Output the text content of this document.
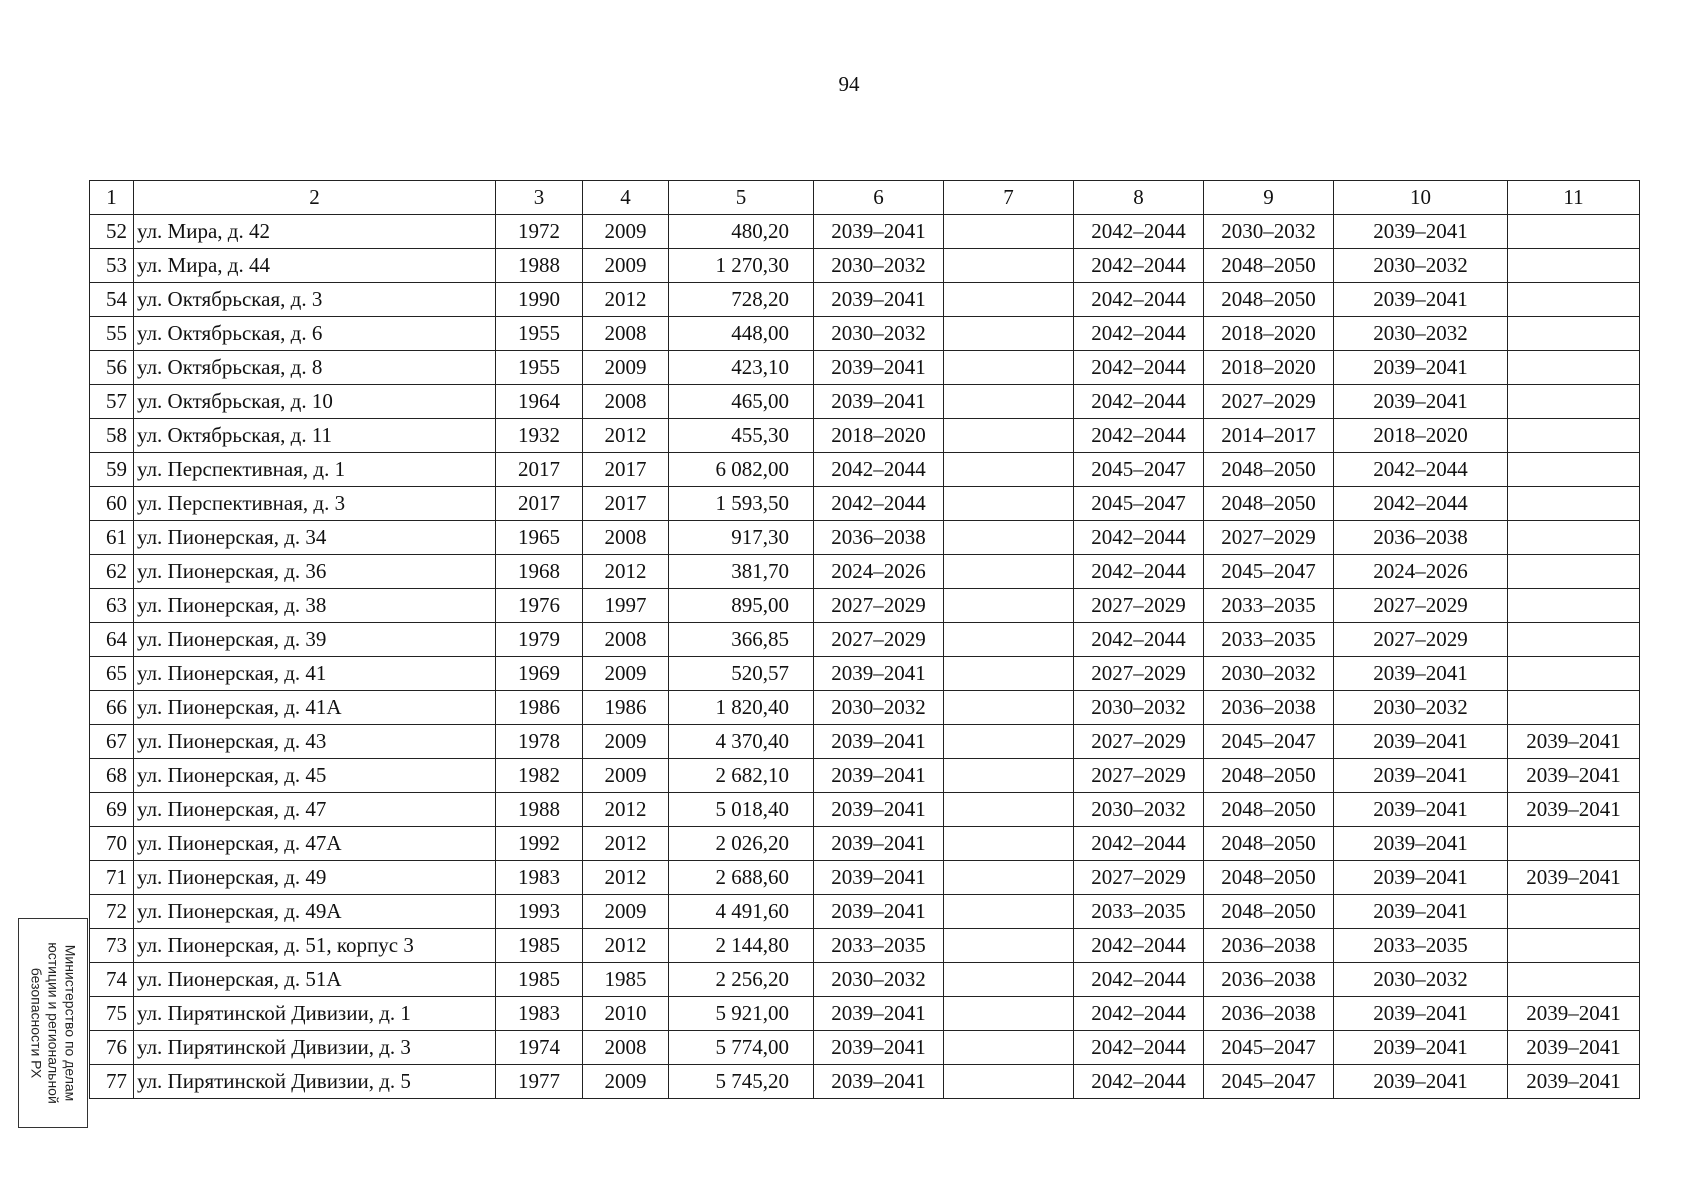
94
1	2	3	4	5	6	7	8	9	10	11
52	ул. Мира, д. 42	1972	2009	480,20	2039–2041		2042–2044	2030–2032	2039–2041	
53	ул. Мира, д. 44	1988	2009	1 270,30	2030–2032		2042–2044	2048–2050	2030–2032	
54	ул. Октябрьская, д. 3	1990	2012	728,20	2039–2041		2042–2044	2048–2050	2039–2041	
55	ул. Октябрьская, д. 6	1955	2008	448,00	2030–2032		2042–2044	2018–2020	2030–2032	
56	ул. Октябрьская, д. 8	1955	2009	423,10	2039–2041		2042–2044	2018–2020	2039–2041	
57	ул. Октябрьская, д. 10	1964	2008	465,00	2039–2041		2042–2044	2027–2029	2039–2041	
58	ул. Октябрьская, д. 11	1932	2012	455,30	2018–2020		2042–2044	2014–2017	2018–2020	
59	ул. Перспективная, д. 1	2017	2017	6 082,00	2042–2044		2045–2047	2048–2050	2042–2044	
60	ул. Перспективная, д. 3	2017	2017	1 593,50	2042–2044		2045–2047	2048–2050	2042–2044	
61	ул. Пионерская, д. 34	1965	2008	917,30	2036–2038		2042–2044	2027–2029	2036–2038	
62	ул. Пионерская, д. 36	1968	2012	381,70	2024–2026		2042–2044	2045–2047	2024–2026	
63	ул. Пионерская, д. 38	1976	1997	895,00	2027–2029		2027–2029	2033–2035	2027–2029	
64	ул. Пионерская, д. 39	1979	2008	366,85	2027–2029		2042–2044	2033–2035	2027–2029	
65	ул. Пионерская, д. 41	1969	2009	520,57	2039–2041		2027–2029	2030–2032	2039–2041	
66	ул. Пионерская, д. 41А	1986	1986	1 820,40	2030–2032		2030–2032	2036–2038	2030–2032	
67	ул. Пионерская, д. 43	1978	2009	4 370,40	2039–2041		2027–2029	2045–2047	2039–2041	2039–2041
68	ул. Пионерская, д. 45	1982	2009	2 682,10	2039–2041		2027–2029	2048–2050	2039–2041	2039–2041
69	ул. Пионерская, д. 47	1988	2012	5 018,40	2039–2041		2030–2032	2048–2050	2039–2041	2039–2041
70	ул. Пионерская, д. 47А	1992	2012	2 026,20	2039–2041		2042–2044	2048–2050	2039–2041	
71	ул. Пионерская, д. 49	1983	2012	2 688,60	2039–2041		2027–2029	2048–2050	2039–2041	2039–2041
72	ул. Пионерская, д. 49А	1993	2009	4 491,60	2039–2041		2033–2035	2048–2050	2039–2041	
73	ул. Пионерская, д. 51, корпус 3	1985	2012	2 144,80	2033–2035		2042–2044	2036–2038	2033–2035	
74	ул. Пионерская, д. 51А	1985	1985	2 256,20	2030–2032		2042–2044	2036–2038	2030–2032	
75	ул. Пирятинской Дивизии, д. 1	1983	2010	5 921,00	2039–2041		2042–2044	2036–2038	2039–2041	2039–2041
76	ул. Пирятинской Дивизии, д. 3	1974	2008	5 774,00	2039–2041		2042–2044	2045–2047	2039–2041	2039–2041
77	ул. Пирятинской Дивизии, д. 5	1977	2009	5 745,20	2039–2041		2042–2044	2045–2047	2039–2041	2039–2041
Министерство по делам юстиции и региональной безопасности РХ
